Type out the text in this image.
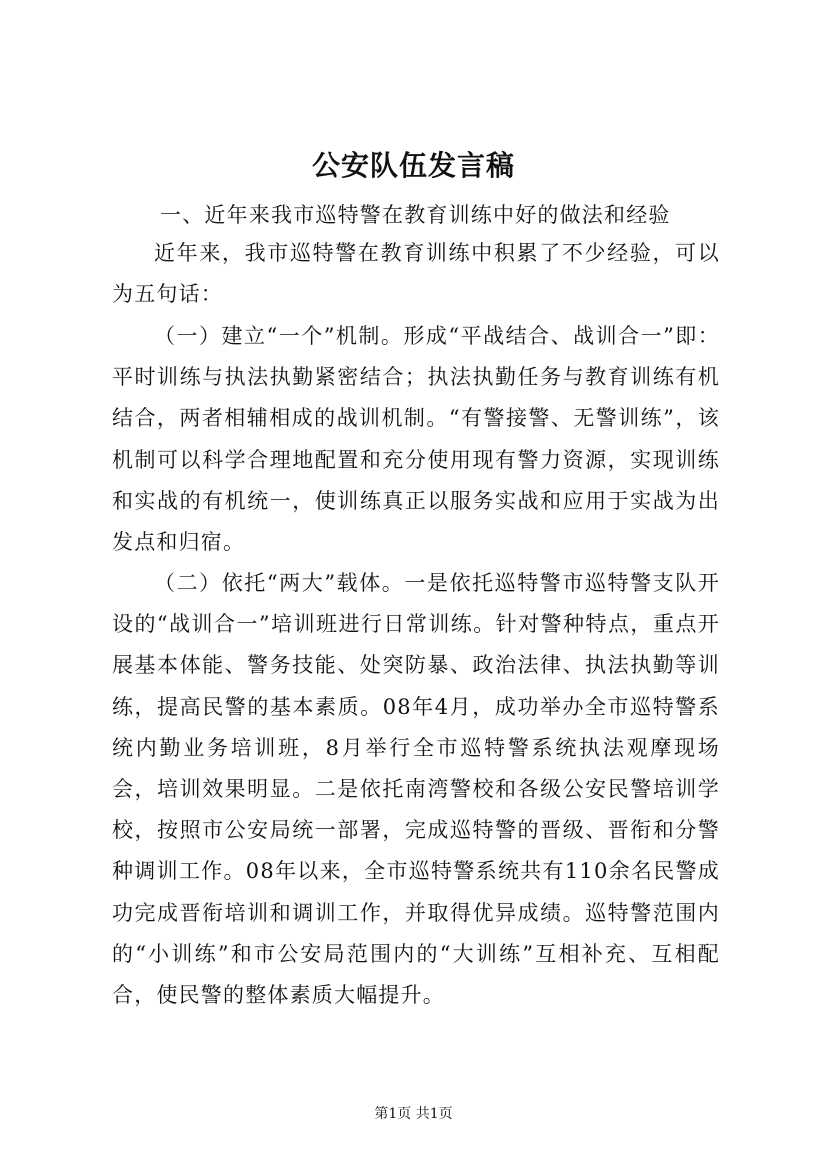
公安队伍发言稿

一、近年来我市巡特警在教育训练中好的做法和经验

近年来，我市巡特警在教育训练中积累了不少经验，可以为五句话：

（一）建立“一个”机制。形成“平战结合、战训合一”即：平时训练与执法执勤紧密结合；执法执勤任务与教育训练有机结合，两者相辅相成的战训机制。“有警接警、无警训练”，该机制可以科学合理地配置和充分使用现有警力资源，实现训练和实战的有机统一，使训练真正以服务实战和应用于实战为出发点和归宿。

（二）依托“两大”载体。一是依托巡特警市巡特警支队开设的“战训合一”培训班进行日常训练。针对警种特点，重点开展基本体能、警务技能、处突防暴、政治法律、执法执勤等训练，提高民警的基本素质。08年4月，成功举办全市巡特警系统内勤业务培训班，8月举行全市巡特警系统执法观摩现场会，培训效果明显。二是依托南湾警校和各级公安民警培训学校，按照市公安局统一部署，完成巡特警的晋级、晋衔和分警种调训工作。08年以来，全市巡特警系统共有110余名民警成功完成晋衔培训和调训工作，并取得优异成绩。巡特警范围内的“小训练”和市公安局范围内的“大训练”互相补充、互相配合，使民警的整体素质大幅提升。

第1页 共1页
